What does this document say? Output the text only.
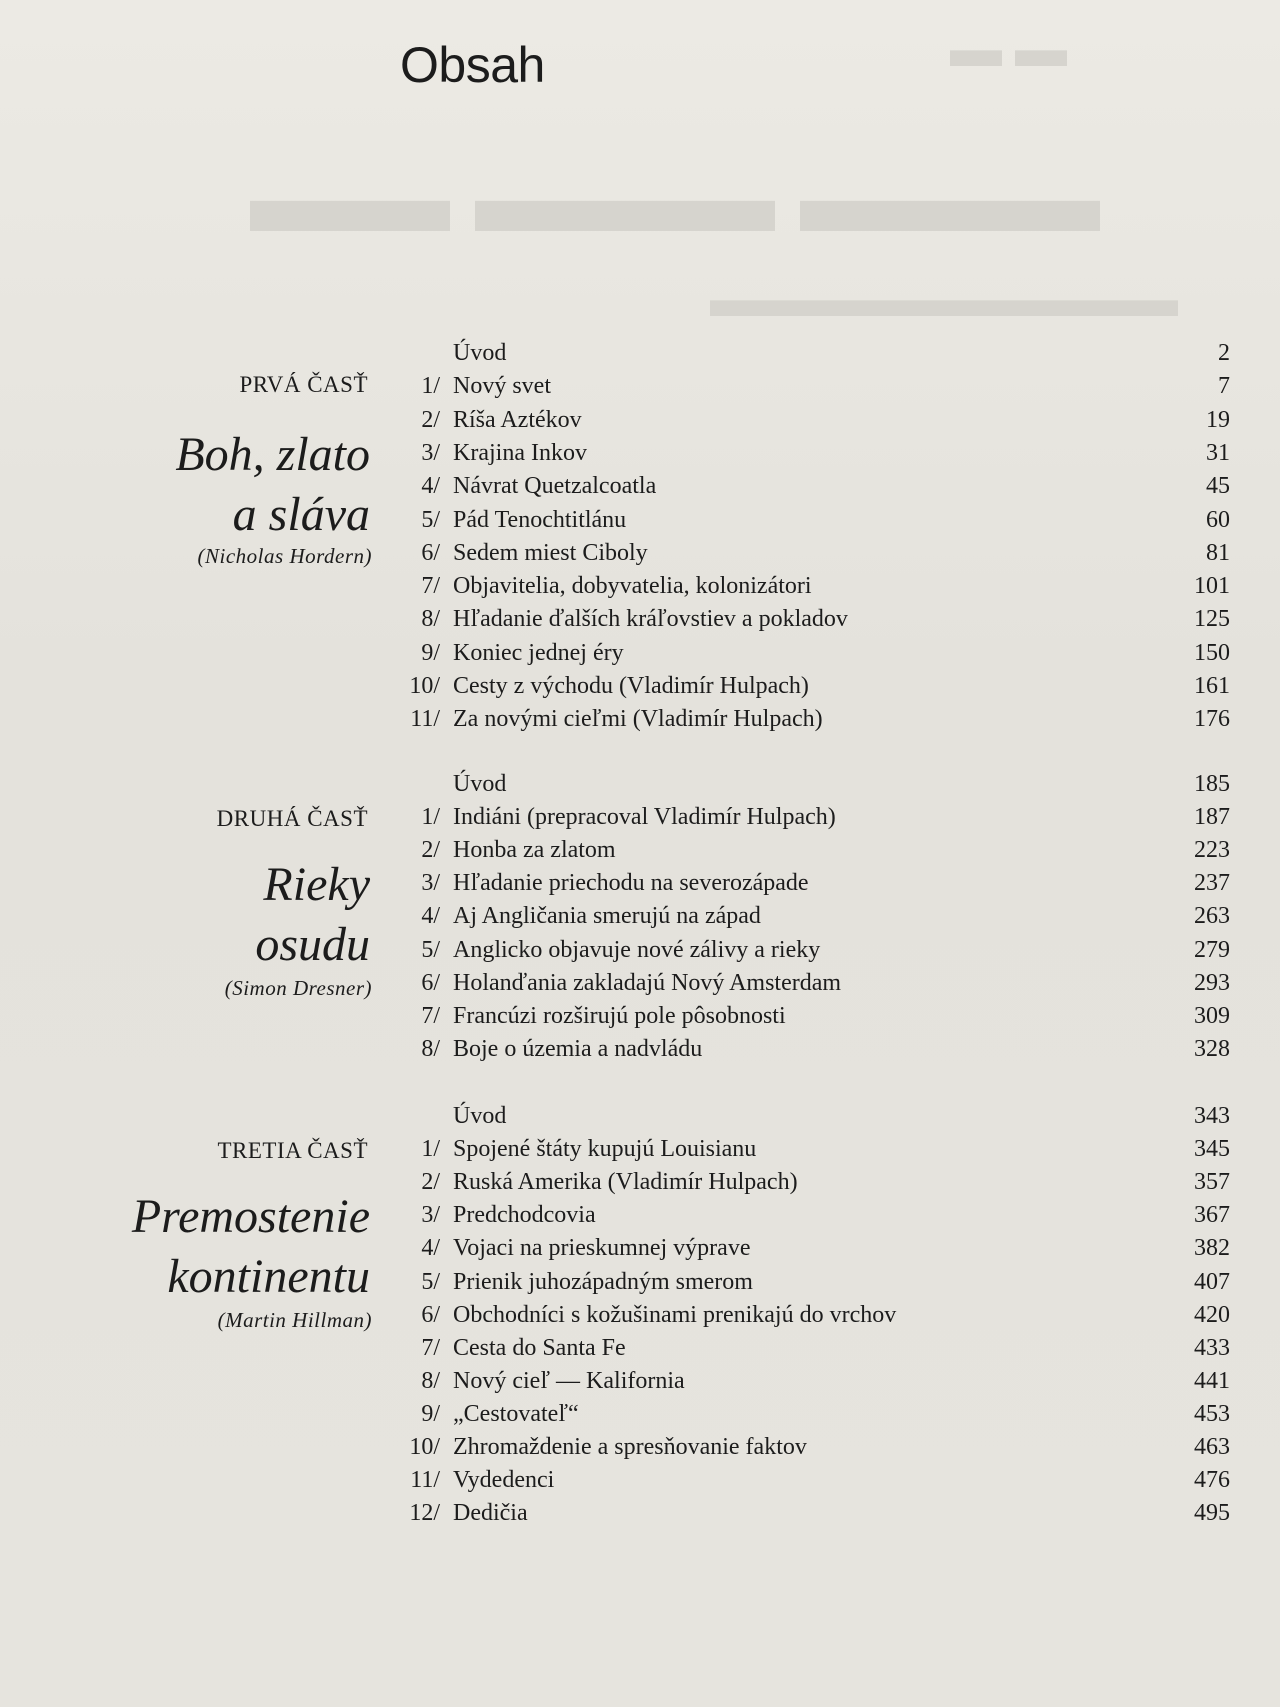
▬ ▬
▬▬ ▬▬▬ ▬▬▬
▬▬▬▬▬▬▬▬▬
Obsah
PRVÁ ČASŤ
Boh, zlato
a sláva
(Nicholas Hordern)
Úvod	2
1/ Nový svet	7
2/ Ríša Aztékov	19
3/ Krajina Inkov	31
4/ Návrat Quetzalcoatla	45
5/ Pád Tenochtitlánu	60
6/ Sedem miest Ciboly	81
7/ Objavitelia, dobyvatelia, kolonizátori	101
8/ Hľadanie ďalších kráľovstiev a pokladov	125
9/ Koniec jednej éry	150
10/ Cesty z východu (Vladimír Hulpach)	161
11/ Za novými cieľmi (Vladimír Hulpach)	176
DRUHÁ ČASŤ
Rieky
osudu
(Simon Dresner)
Úvod	185
1/ Indiáni (prepracoval Vladimír Hulpach)	187
2/ Honba za zlatom	223
3/ Hľadanie priechodu na severozápade	237
4/ Aj Angličania smerujú na západ	263
5/ Anglicko objavuje nové zálivy a rieky	279
6/ Holanďania zakladajú Nový Amsterdam	293
7/ Francúzi rozširujú pole pôsobnosti	309
8/ Boje o územia a nadvládu	328
TRETIA ČASŤ
Premostenie
kontinentu
(Martin Hillman)
Úvod	343
1/ Spojené štáty kupujú Louisianu	345
2/ Ruská Amerika (Vladimír Hulpach)	357
3/ Predchodcovia	367
4/ Vojaci na prieskumnej výprave	382
5/ Prienik juhozápadným smerom	407
6/ Obchodníci s kožušinami prenikajú do vrchov	420
7/ Cesta do Santa Fe	433
8/ Nový cieľ — Kalifornia	441
9/ „Cestovateľ“	453
10/ Zhromaždenie a spresňovanie faktov	463
11/ Vydedenci	476
12/ Dedičia	495
